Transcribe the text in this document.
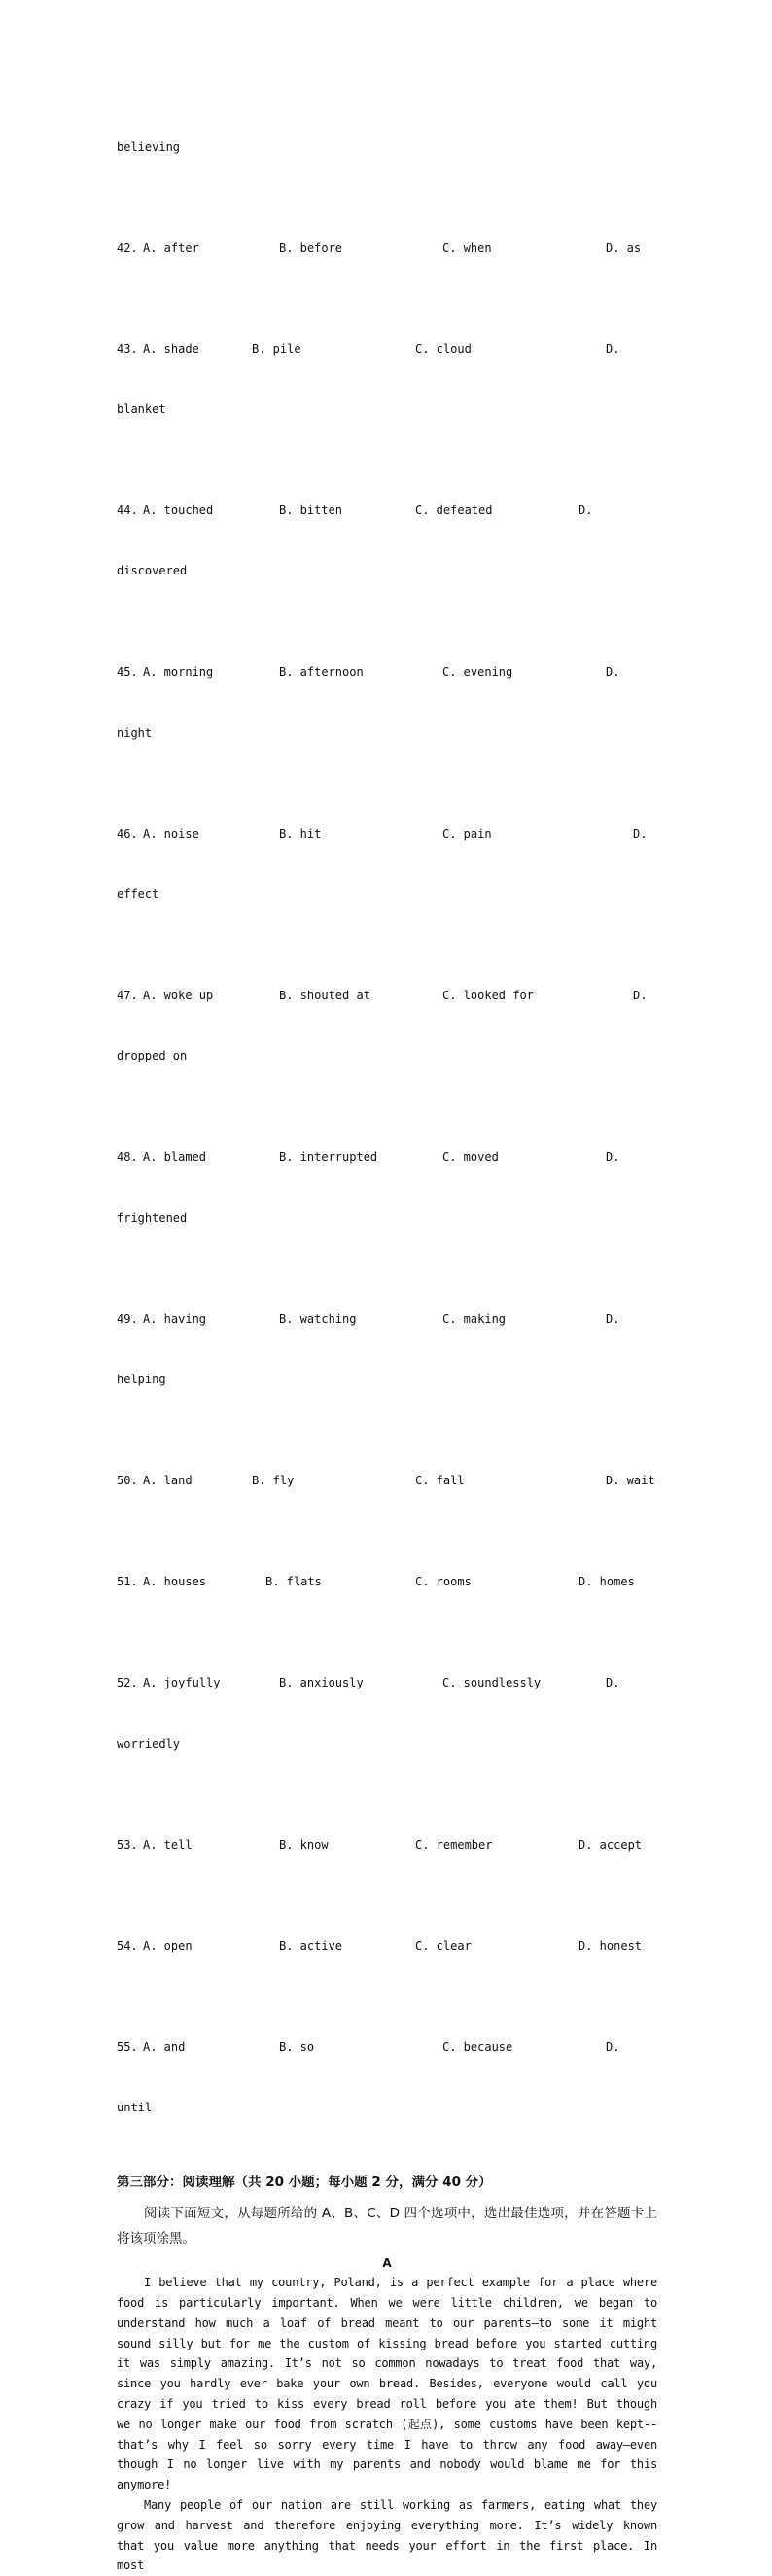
believing

42.

A. after

	B. before

	C. when

	D. as

43.

A. shade

	B. pile

	C. cloud

	D.

blanket

44.

A. touched

	B. bitten

	C. defeated

	D.

discovered

45.

A. morning

	B. afternoon

	C. evening

	D.

night

46.

A. noise

	B. hit

	C. pain

	D.

effect

47.

A. woke up

	B. shouted at

	C. looked for

	D.

dropped on

48.

A. blamed

	B. interrupted

	C. moved

	D.

frightened

49.

A. having

	B. watching

	C. making

	D.

helping

50.

A. land

	B. fly

	C. fall

	D. wait

51.

A. houses

	B. flats

	C. rooms

	D. homes

52.

A. joyfully

	B. anxiously

	C. soundlessly

	D.

worriedly

53.

A. tell

	B. know

	C. remember

	D. accept

54.

A. open

	B. active

	C. clear

	D. honest

55.

A. and

	B. so

	C. because

	D.

until

第三部分：阅读理解（共 20 小题；每小题 2 分，满分 40 分）
阅读下面短文，从每题所给的 A、B、C、D 四个选项中，选出最佳选项，并在答题卡上将该项涂黑。
A
I believe that my country, Poland, is a perfect example for a place where food is particularly important. When we were little children, we began to understand how much a loaf of bread meant to our parents—to some it might sound silly but for me the custom of kissing bread before you started cutting it was simply amazing. It’s not so common nowadays to treat food that way, since you hardly ever bake your own bread. Besides, everyone would call you crazy if you tried to kiss every bread roll before you ate them! But though we no longer make our food from scratch (起点), some customs have been kept--that’s why I feel so sorry every time I have to throw any food away—even though I no longer live with my parents and nobody would blame me for this anymore!
Many people of our nation are still working as farmers, eating what they grow and harvest and therefore enjoying everything more. It’s widely known that you value more anything that needs your effort in the first place. In most
